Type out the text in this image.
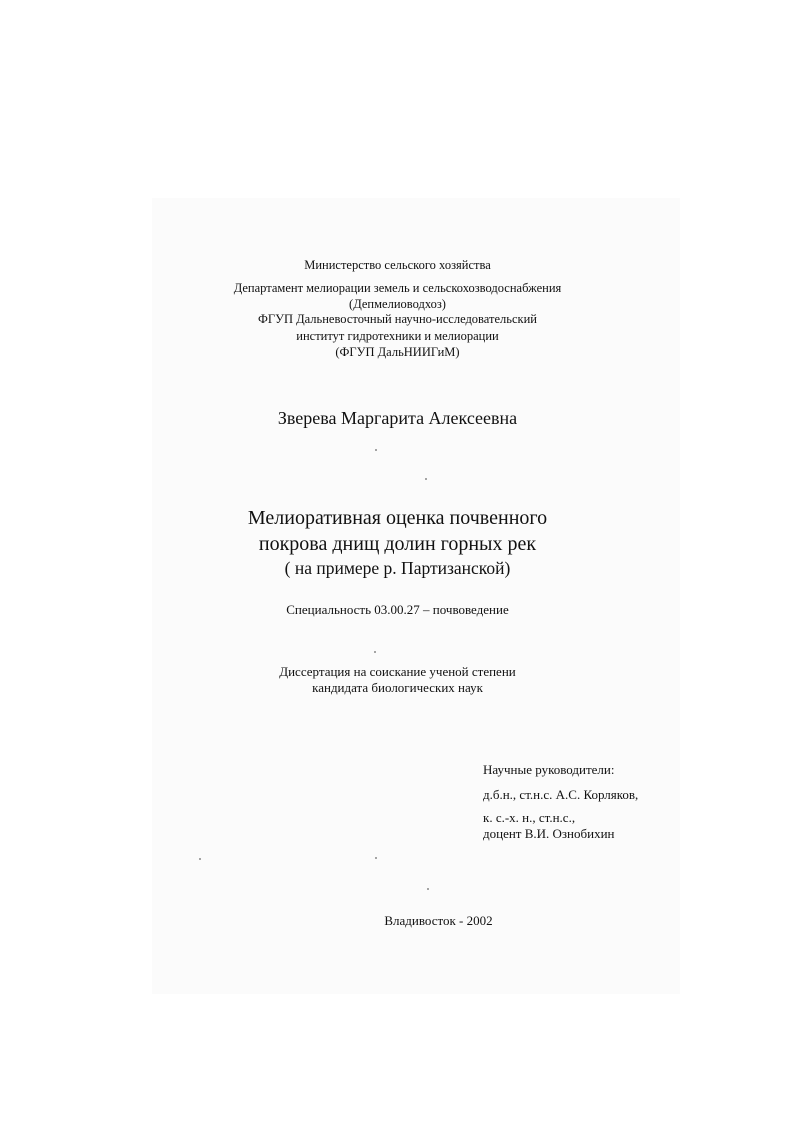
Министерство сельского хозяйства
Департамент мелиорации земель и сельскохозводоснабжения
(Депмелиоводхоз)
ФГУП Дальневосточный научно-исследовательский
институт гидротехники и мелиорации
(ФГУП ДальНИИГиМ)
Зверева Маргарита Алексеевна
Мелиоративная оценка почвенного
покрова днищ долин горных рек
( на примере р. Партизанской)
Специальность 03.00.27 – почвоведение
Диссертация на соискание ученой степени
кандидата биологических наук
Научные руководители:
д.б.н., ст.н.с. А.С. Корляков,
к. с.-х. н., ст.н.с.,
доцент В.И. Ознобихин
Владивосток - 2002
